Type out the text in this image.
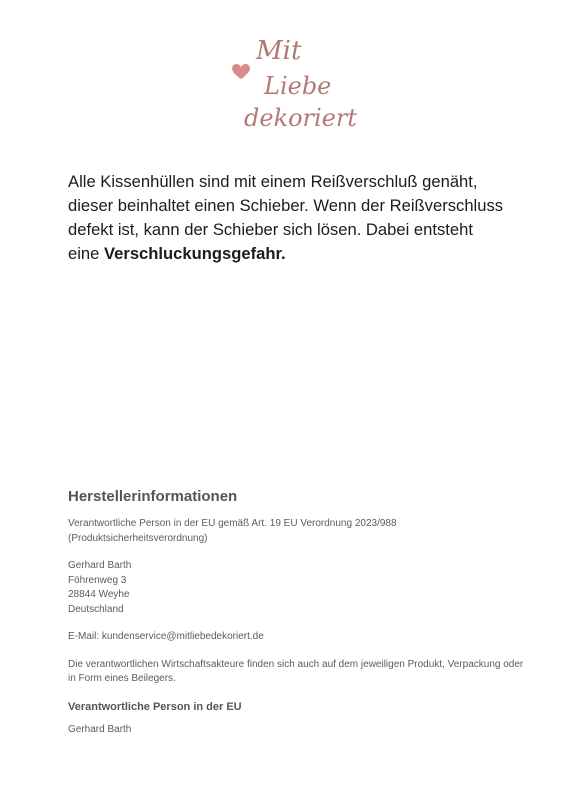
Mit
Liebe
dekoriert

Alle Kissenhüllen sind mit einem Reißverschluß genäht, dieser beinhaltet einen Schieber. Wenn der Reißverschluss defekt ist, kann der Schieber sich lösen. Dabei entsteht eine Verschluckungsgefahr.

Herstellerinformationen

Verantwortliche Person in der EU gemäß Art. 19 EU Verordnung 2023/988
(Produktsicherheitsverordnung)

Gerhard Barth
Föhrenweg 3
28844 Weyhe
Deutschland

E-Mail: kundenservice@mitliebedekoriert.de

Die verantwortlichen Wirtschaftsakteure finden sich auch auf dem jeweiligen Produkt, Verpackung oder in Form eines Beilegers.

Verantwortliche Person in der EU

Gerhard Barth
